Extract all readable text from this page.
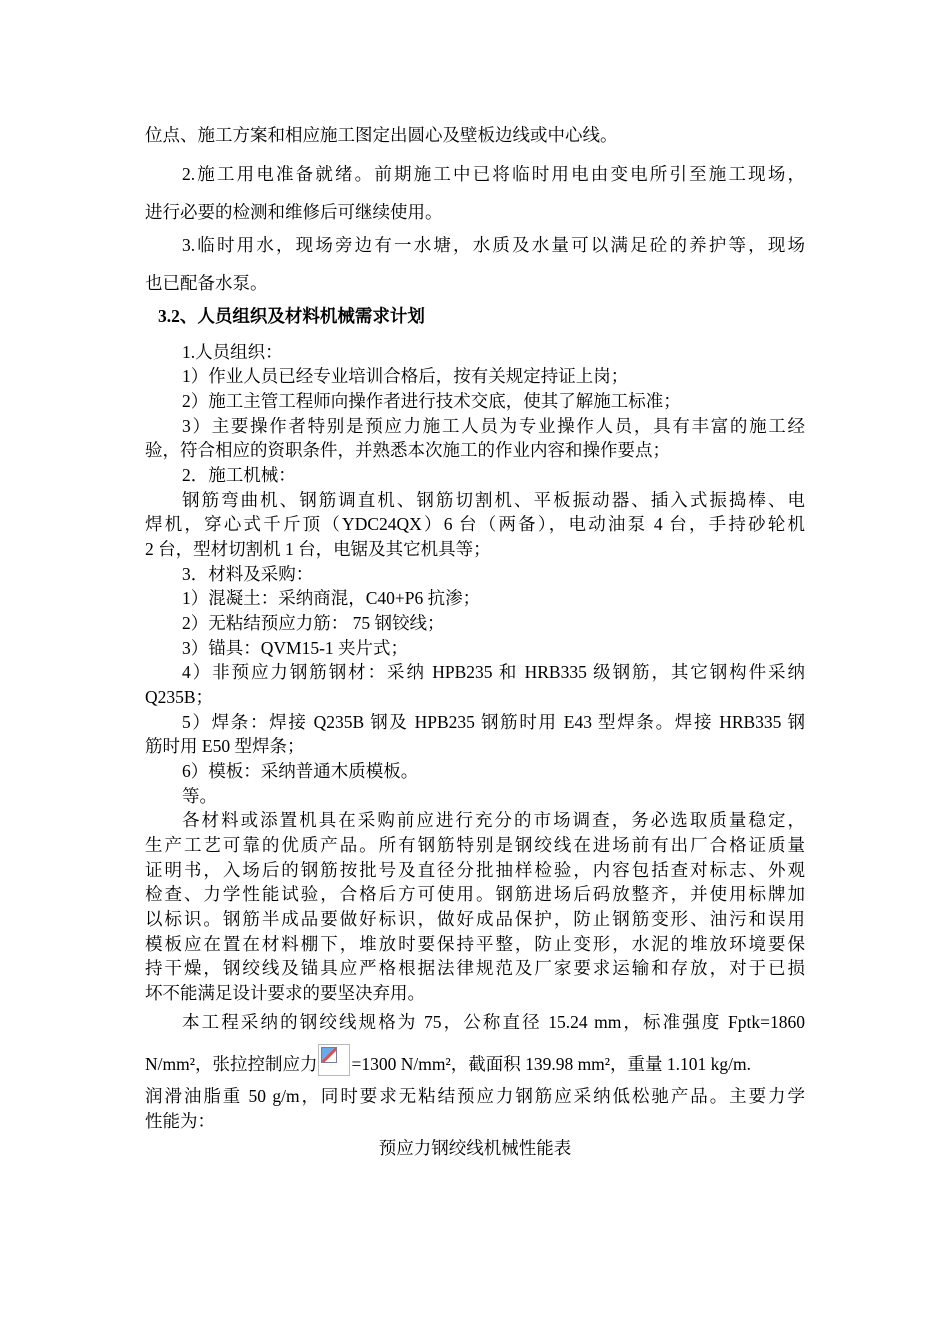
位点、施工方案和相应施工图定出圆心及壁板边线或中心线。
2.施工用电准备就绪。前期施工中已将临时用电由变电所引至施工现场，
进行必要的检测和维修后可继续使用。
3.临时用水，现场旁边有一水塘，水质及水量可以满足砼的养护等，现场
也已配备水泵。
3.2、人员组织及材料机械需求计划
1.人员组织：
1）作业人员已经专业培训合格后，按有关规定持证上岗；
2）施工主管工程师向操作者进行技术交底，使其了解施工标准；
3）主要操作者特别是预应力施工人员为专业操作人员，具有丰富的施工经
验，符合相应的资职条件，并熟悉本次施工的作业内容和操作要点；
2．施工机械：
钢筋弯曲机、钢筋调直机、钢筋切割机、平板振动器、插入式振捣棒、电
焊机，穿心式千斤顶（YDC24QX）6 台（两备），电动油泵 4 台，手持砂轮机
2 台，型材切割机 1 台，电锯及其它机具等；
3．材料及采购：
1）混凝土：采纳商混，C40+P6 抗渗；
2）无粘结预应力筋： 75 钢铰线；
3）锚具：QVM15-1 夹片式；
4）非预应力钢筋钢材：采纳 HPB235 和 HRB335 级钢筋，其它钢构件采纳
Q235B；
5）焊条：焊接 Q235B 钢及 HPB235 钢筋时用 E43 型焊条。焊接 HRB335 钢
筋时用 E50 型焊条；
6）模板：采纳普通木质模板。
等。
各材料或添置机具在采购前应进行充分的市场调查，务必选取质量稳定，
生产工艺可靠的优质产品。所有钢筋特别是钢绞线在进场前有出厂合格证质量
证明书，入场后的钢筋按批号及直径分批抽样检验，内容包括查对标志、外观
检查、力学性能试验，合格后方可使用。钢筋进场后码放整齐，并使用标牌加
以标识。钢筋半成品要做好标识，做好成品保护，防止钢筋变形、油污和误用
模板应在置在材料棚下，堆放时要保持平整，防止变形，水泥的堆放环境要保
持干燥，钢绞线及锚具应严格根据法律规范及厂家要求运输和存放，对于已损
坏不能满足设计要求的要坚决弃用。
本工程采纳的钢绞线规格为 75，公称直径 15.24 mm，标准强度 Fptk=1860
N/mm²，张拉控制应力 =1300 N/mm²，截面积 139.98 mm²，重量 1.101 kg/m.
润滑油脂重 50 g/m，同时要求无粘结预应力钢筋应采纳低松驰产品。主要力学
性能为：
预应力钢绞线机械性能表
